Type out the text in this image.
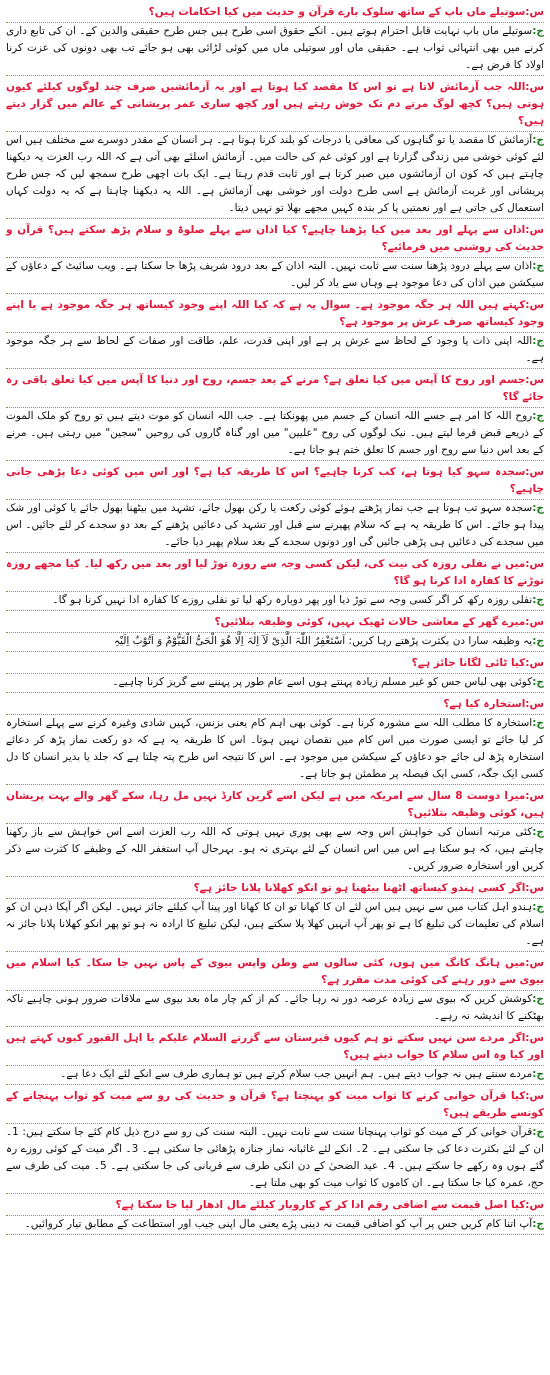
س:سوتیلے ماں باپ کے ساتھ سلوک بارے قرآن و حدیث میں کیا احکامات ہیں؟

ج:سوتیلے ماں باپ نہایت قابل احترام ہوتے ہیں۔ انکے حقوق اسی طرح ہیں جس طرح حقیقی والدین کے۔ ان کی تابع داری کرنے میں بھی انتہائی ثواب ہے۔ حقیقی ماں اور سوتیلی ماں میں کوئی لڑائی بھی ہو جائے تب بھی دونوں کی عزت کرنا اولاد کا فرض ہے۔

س:اللہ جب آزمائش لاتا ہے تو اس کا مقصد کیا ہوتا ہے اور یہ آزمائشیں صرف چند لوگوں کیلئے کیوں ہوتی ہیں؟ کچھ لوگ مرتے دم تک خوش رہتے ہیں اور کچھ ساری عمر پریشانی کے عالم میں گزار دیتے ہیں؟

ج:آزمائش کا مقصد یا تو گناہوں کی معافی یا درجات کو بلند کرنا ہوتا ہے۔ ہر انسان کے مقدر دوسرے سے مختلف ہیں اس لئے کوئی خوشی میں زندگی گزارتا ہے اور کوئی غم کی حالت میں۔ آزمائش اسلئے بھی آتی ہے کہ اللہ رب العزت یہ دیکھنا چاہتے ہیں کہ کون ان آزمائشوں میں صبر کرتا ہے اور ثابت قدم رہتا ہے۔ ایک بات اچھی طرح سمجھ لیں کہ جس طرح پریشانی اور غربت آزمائش ہے اسی طرح دولت اور خوشی بھی آزمائش ہے۔ اللہ یہ دیکھنا چاہتا ہے کہ یہ دولت کہاں استعمال کی جاتی ہے اور نعمتیں پا کر بندہ کہیں مجھے بھلا تو نہیں دیتا۔

س:اذان سے پہلے اور بعد میں کیا پڑھنا چاہیے؟ کیا اذان سے پہلے صلوۃ و سلام پڑھ سکتے ہیں؟ قرآن و حدیث کی روشنی میں فرمائیے؟

ج:اذان سے پہلے درود پڑھنا سنت سے ثابت نہیں۔ البتہ اذان کے بعد درود شریف پڑھا جا سکتا ہے۔ ویب سائیٹ کے دعاؤں کے سیکشن میں اذان کی دعا موجود ہے وہاں سے یاد کر لیں۔

س:کہتے ہیں اللہ ہر جگہ موجود ہے۔ سوال یہ ہے کہ کیا اللہ اپنے وجود کیساتھ ہر جگہ موجود ہے یا اپنے وجود کیساتھ صرف عرش پر موجود ہے؟

ج:اللہ اپنی ذات یا وجود کے لحاظ سے عرش پر ہے اور اپنی قدرت، علم، طاقت اور صفات کے لحاظ سے ہر جگہ موجود ہے۔

س:جسم اور روح کا آپس میں کیا تعلق ہے؟ مرنے کے بعد جسم، روح اور دنیا کا آپس میں کیا تعلق باقی رہ جائے گا؟

ج:روح اللہ کا امر ہے جسے اللہ انسان کے جسم میں پھونکتا ہے۔ جب اللہ انسان کو موت دیتے ہیں تو روح کو ملک الموت کے ذریعے قبض فرما لیتے ہیں۔ نیک لوگوں کی روح "علیین" میں اور گناہ گاروں کی روحیں "سجین" میں رہتی ہیں۔ مرنے کے بعد اس دنیا سے روح اور جسم کا تعلق ختم ہو جاتا ہے۔

س:سجدہ سہو کیا ہوتا ہے، کب کرنا چاہیے؟ اس کا طریقہ کیا ہے؟ اور اس میں کوئی دعا پڑھی جانی چاہیے؟

ج:سجدہ سہو تب ہوتا ہے جب نماز پڑھتے ہوئے کوئی رکعت یا رکن بھول جائے، تشہد میں بیٹھنا بھول جائے یا کوئی اور شک پیدا ہو جائے۔ اس کا طریقہ یہ ہے کہ سلام پھیرنے سے قبل اور تشہد کی دعائیں پڑھنے کے بعد دو سجدے کر لئے جائیں۔ اس میں سجدے کی دعائیں ہی پڑھی جائیں گی اور دونوں سجدے کے بعد سلام پھیر دیا جائے۔

س:میں نے نفلی روزہ کی نیت کی، لیکن کسی وجہ سے روزہ توڑ لیا اور بعد میں رکھ لیا۔ کیا مجھے روزہ توڑنے کا کفارہ ادا کرنا ہو گا؟

ج:نفلی روزہ رکھ کر اگر کسی وجہ سے توڑ دیا اور پھر دوبارہ رکھ لیا تو نفلی روزے کا کفارہ ادا نہیں کرنا ہو گا۔

س:میرے گھر کے معاشی حالات ٹھیک نہیں، کوئی وظیفہ بتلائیں؟

ج:یہ وظیفہ سارا دن بکثرت پڑھتے رہا کریں: اَسْتَغْفِرُ اللّٰہَ الَّذِیْ لَآ اِلٰہَ اِلَّا ھُوَ الْحَیُّ الْقَیُّوْمُ وَ اَتُوْبُ اِلَیْہِ

س:کیا ٹائی لگانا جائز ہے؟

ج:کوئی بھی لباس جس کو غیر مسلم زیادہ پہنتے ہوں اسے عام طور پر پہننے سے گریز کرنا چاہیے۔

س:استخارہ کیا ہے؟

ج:استخارہ کا مطلب اللہ سے مشورہ کرنا ہے۔ کوئی بھی اہم کام یعنی بزنس، کہیں شادی وغیرہ کرنے سے پہلے استخارہ کر لیا جائے تو ایسی صورت میں اس کام میں نقصان نہیں ہوتا۔ اس کا طریقہ یہ ہے کہ دو رکعت نماز پڑھ کر دعائے استخارہ پڑھ لی جائے جو دعاؤں کے سیکشن میں موجود ہے۔ اس کا نتیجہ اس طرح پتہ چلتا ہے کہ جلد یا بدیر انسان کا دل کسی ایک جگہ، کسی ایک فیصلہ پر مطمئن ہو جاتا ہے۔

س:میرا دوست 8 سال سے امریکہ میں ہے لیکن اسے گرین کارڈ نہیں مل رہا، سکے گھر والے بہت پریشان ہیں، کوئی وظیفہ بتلائیں؟

ج:کئی مرتبہ انسان کی خواہش اس وجہ سے بھی پوری نہیں ہوتی کہ اللہ رب العزت اسے اس خواہش سے باز رکھنا چاہتے ہیں، کہ ہو سکتا ہے اس میں اس انسان کے لئے بہتری نہ ہو۔ بہرحال آپ استغفر اللہ کے وظیفے کا کثرت سے ذکر کریں اور استخارہ ضرور کریں۔

س:اگر کسی ہندو کیساتھ اٹھنا بیٹھنا ہو تو انکو کھلانا پلانا جائز ہے؟

ج:ہندو اہل کتاب میں سے نہیں ہیں اس لئے ان کا کھانا تو ان کا کھانا اور پینا آپ کیلئے جائز نہیں۔ لیکن اگر آپکا ذہن ان کو اسلام کی تعلیمات کی تبلیغ کا ہے تو پھر آپ انہیں کھلا پلا سکتے ہیں، لیکن تبلیغ کا ارادہ نہ ہو تو پھر انکو کھلانا پلانا جائز نہ ہے۔

س:میں ہانگ کانگ میں ہوں، کئی سالوں سے وطن واپس بیوی کے پاس نہیں جا سکا۔ کیا اسلام میں بیوی سے دور رہنے کی کوئی مدت مقرر ہے؟

ج:کوشش کریں کہ بیوی سے زیادہ عرصہ دور نہ رہا جائے۔ کم از کم چار ماہ بعد بیوی سے ملاقات ضرور ہونی چاہیے تاکہ بھٹکنے کا اندیشہ نہ رہے۔

س:اگر مردے سن نہیں سکتے تو ہم کیوں قبرستان سے گزرتے السلام علیکم یا اہل القبور کیوں کہتے ہیں اور کیا وہ اس سلام کا جواب دیتے ہیں؟

ج:مردے سنتے ہیں نہ جواب دیتے ہیں۔ ہم انہیں جب سلام کرتے ہیں تو ہماری طرف سے انکے لئے ایک دعا ہے۔

س:کیا قرآن خوانی کرنے کا ثواب میت کو پہنچتا ہے؟ قرآن و حدیث کی رو سے میت کو ثواب پہنچانے کے کونسے طریقے ہیں؟

ج:قرآن خوانی کر کے میت کو ثواب پہنچانا سنت سے ثابت نہیں۔ البتہ سنت کی رو سے درج ذیل کام کئے جا سکتے ہیں: 1۔ ان کے لئے بکثرت دعا کی جا سکتی ہے۔ 2۔ انکے لئے غائبانہ نماز جنازہ پڑھائی جا سکتی ہے۔ 3۔ اگر میت کے کوئی روزے رہ گئے ہوں وہ رکھے جا سکتے ہیں۔ 4۔ عید الضحیٰ کے دن انکی طرف سے قربانی کی جا سکتی ہے۔ 5۔ میت کی طرف سے حج، عمرہ کیا جا سکتا ہے۔ ان کاموں کا ثواب میت کو بھی ملتا ہے۔

س:کیا اصل قیمت سے اضافی رقم ادا کر کے کاروبار کیلئے مال ادھار لیا جا سکتا ہے؟

ج:آپ اتنا کام کریں جس پر آپ کو اضافی قیمت نہ دینی پڑے یعنی مال اپنی جیب اور استطاعت کے مطابق تیار کروائیں۔
